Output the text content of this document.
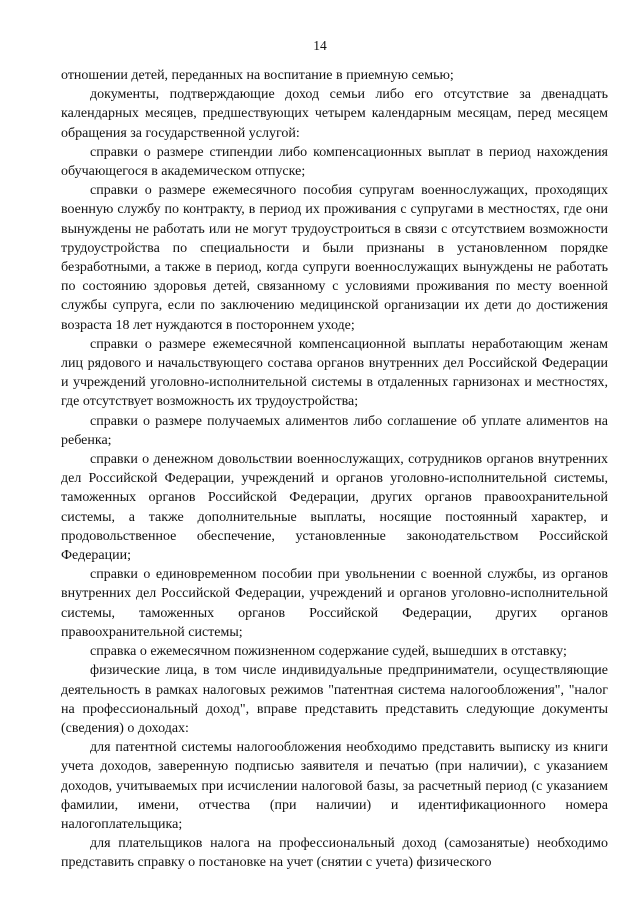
14

отношении детей, переданных на воспитание в приемную семью;

документы, подтверждающие доход семьи либо его отсутствие за двенадцать календарных месяцев, предшествующих четырем календарным месяцам, перед месяцем обращения за государственной услугой:

справки о размере стипендии либо компенсационных выплат в период нахождения обучающегося в академическом отпуске;

справки о размере ежемесячного пособия супругам военнослужащих, проходящих военную службу по контракту, в период их проживания с супругами в местностях, где они вынуждены не работать или не могут трудоустроиться в связи с отсутствием возможности трудоустройства по специальности и были признаны в установленном порядке безработными, а также в период, когда супруги военнослужащих вынуждены не работать по состоянию здоровья детей, связанному с условиями проживания по месту военной службы супруга, если по заключению медицинской организации их дети до достижения возраста 18 лет нуждаются в постороннем уходе;

справки о размере ежемесячной компенсационной выплаты неработающим женам лиц рядового и начальствующего состава органов внутренних дел Российской Федерации и учреждений уголовно-исполнительной системы в отдаленных гарнизонах и местностях, где отсутствует возможность их трудоустройства;

справки о размере получаемых алиментов либо соглашение об уплате алиментов на ребенка;

справки о денежном довольствии военнослужащих, сотрудников органов внутренних дел Российской Федерации, учреждений и органов уголовно-исполнительной системы, таможенных органов Российской Федерации, других органов правоохранительной системы, а также дополнительные выплаты, носящие постоянный характер, и продовольственное обеспечение, установленные законодательством Российской Федерации;

справки о единовременном пособии при увольнении с военной службы, из органов внутренних дел Российской Федерации, учреждений и органов уголовно-исполнительной системы, таможенных органов Российской Федерации, других органов правоохранительной системы;

справка о ежемесячном пожизненном содержание судей, вышедших в отставку;

физические лица, в том числе индивидуальные предприниматели, осуществляющие деятельность в рамках налоговых режимов "патентная система налогообложения", "налог на профессиональный доход", вправе представить представить следующие документы (сведения) о доходах:

для патентной системы налогообложения необходимо представить выписку из книги учета доходов, заверенную подписью заявителя и печатью (при наличии), с указанием доходов, учитываемых при исчислении налоговой базы, за расчетный период (с указанием фамилии, имени, отчества (при наличии) и идентификационного номера налогоплательщика;

для плательщиков налога на профессиональный доход (самозанятые) необходимо представить справку о постановке на учет (снятии с учета) физического
